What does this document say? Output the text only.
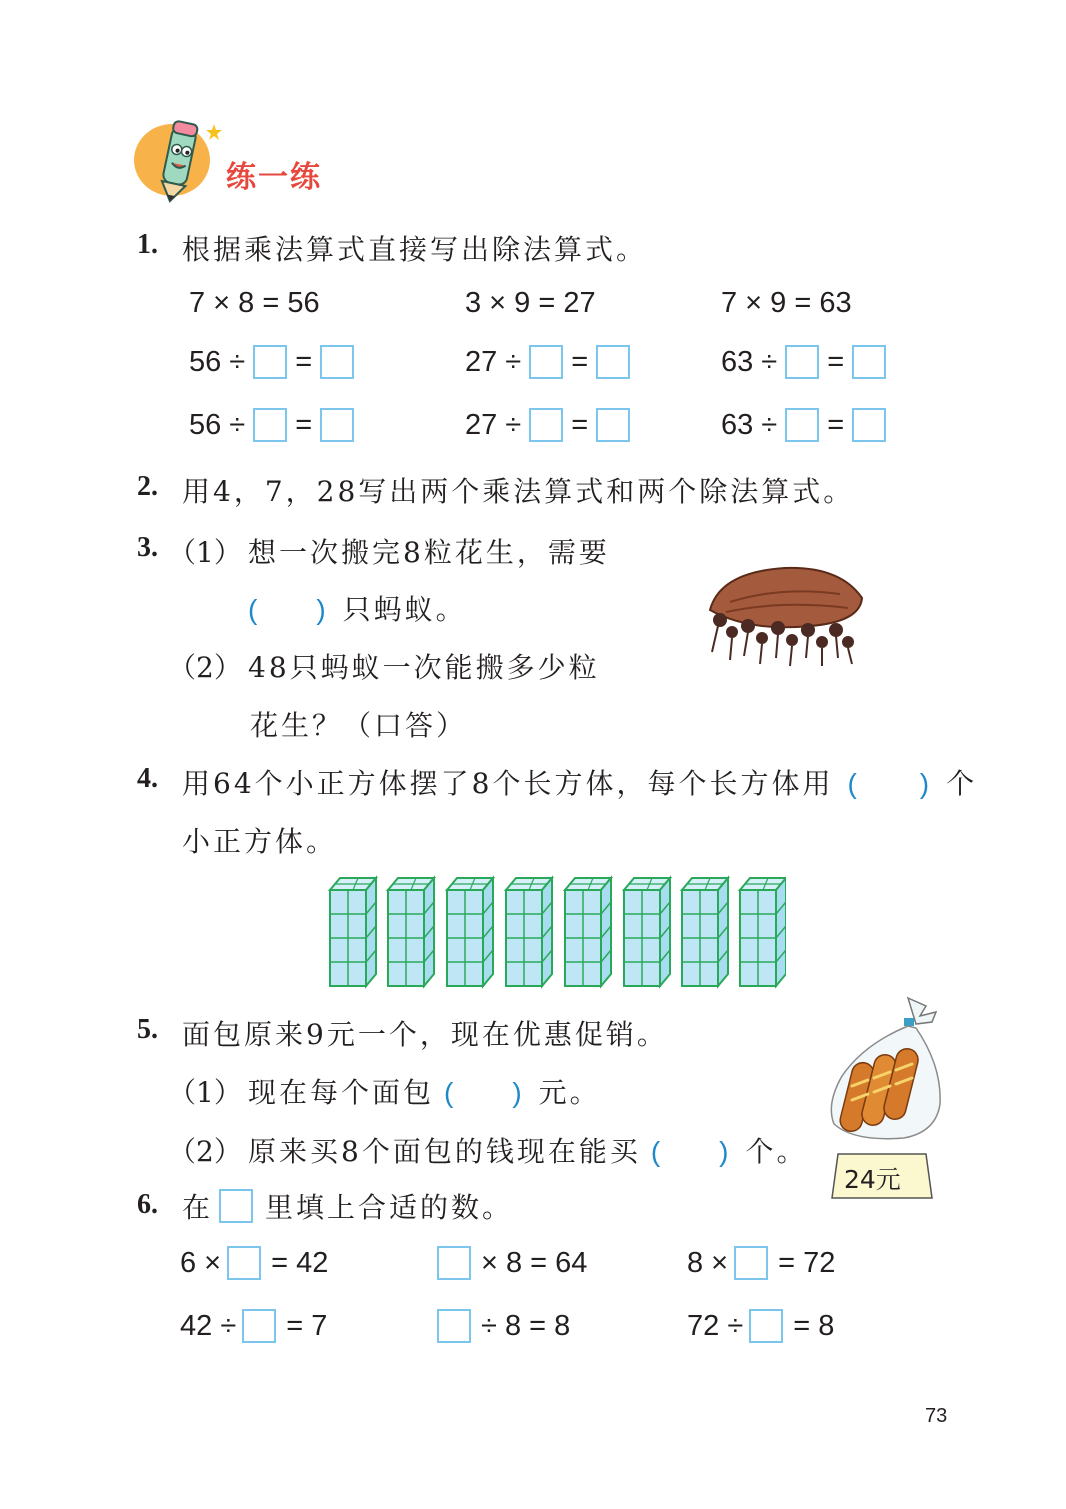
练一练
1. 根据乘法算式直接写出除法算式。
7 × 8 = 56	3 × 9 = 27	7 × 9 = 63
56 ÷ =	27 ÷ =	63 ÷ =
56 ÷ =	27 ÷ =	63 ÷ =
2. 用4，7，28写出两个乘法算式和两个除法算式。
3. （1） 想一次搬完8粒花生，需要
( ) 只蚂蚁。
（2） 48只蚂蚁一次能搬多少粒
花生？（口答）
4. 用64个小正方体摆了8个长方体，每个长方体用 ( ) 个
小正方体。
5. 面包原来9元一个，现在优惠促销。
（1） 现在每个面包 ( ) 元。
（2） 原来买8个面包的钱现在能买 ( ) 个。
24元
6. 在 里填上合适的数。
6 × = 42	× 8 = 64	8 × = 72
42 ÷ = 7	÷ 8 = 8	72 ÷ = 8
73
